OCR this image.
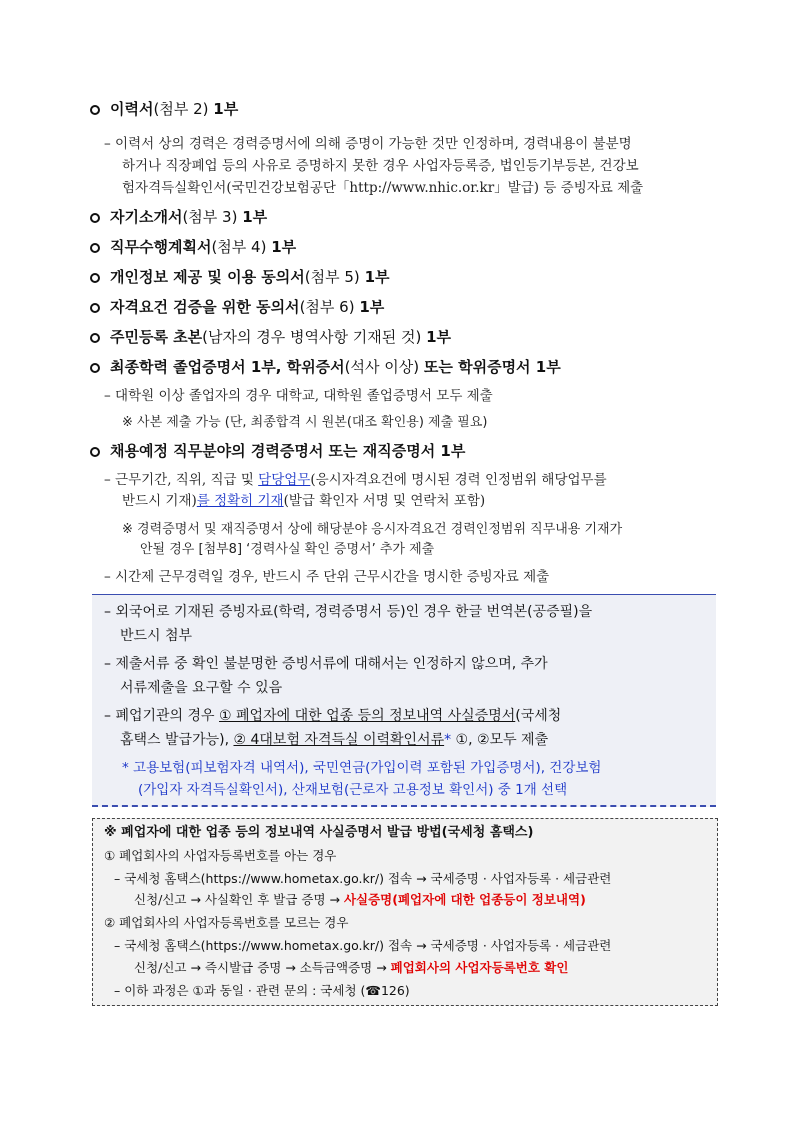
이력서(첨부 2) 1부
– 이력서 상의 경력은 경력증명서에 의해 증명이 가능한 것만 인정하며, 경력내용이 불분명
하거나 직장폐업 등의 사유로 증명하지 못한 경우 사업자등록증, 법인등기부등본, 건강보
험자격득실확인서(국민건강보험공단「http://www.nhic.or.kr」발급) 등 증빙자료 제출
자기소개서(첨부 3) 1부
직무수행계획서(첨부 4) 1부
개인정보 제공 및 이용 동의서(첨부 5) 1부
자격요건 검증을 위한 동의서(첨부 6) 1부
주민등록 초본(남자의 경우 병역사항 기재된 것) 1부
최종학력 졸업증명서 1부, 학위증서(석사 이상) 또는 학위증명서 1부
– 대학원 이상 졸업자의 경우 대학교, 대학원 졸업증명서 모두 제출
※ 사본 제출 가능 (단, 최종합격 시 원본(대조 확인용) 제출 필요)
채용예정 직무분야의 경력증명서 또는 재직증명서 1부
– 근무기간, 직위, 직급 및 담당업무(응시자격요건에 명시된 경력 인정범위 해당업무를
반드시 기재)를 정확히 기재(발급 확인자 서명 및 연락처 포함)
※ 경력증명서 및 재직증명서 상에 해당분야 응시자격요건 경력인정범위 직무내용 기재가
안될 경우 [첨부8] ‘경력사실 확인 증명서’ 추가 제출
– 시간제 근무경력일 경우, 반드시 주 단위 근무시간을 명시한 증빙자료 제출
– 외국어로 기재된 증빙자료(학력, 경력증명서 등)인 경우 한글 번역본(공증필)을
반드시 첨부
– 제출서류 중 확인 불분명한 증빙서류에 대해서는 인정하지 않으며, 추가
서류제출을 요구할 수 있음
– 폐업기관의 경우 ① 폐업자에 대한 업종 등의 정보내역 사실증명서(국세청
홈택스 발급가능), ② 4대보험 자격득실 이력확인서류* ①, ②모두 제출
* 고용보험(피보험자격 내역서), 국민연금(가입이력 포함된 가입증명서), 건강보험
(가입자 자격득실확인서), 산재보험(근로자 고용정보 확인서) 중 1개 선택
※ 폐업자에 대한 업종 등의 정보내역 사실증명서 발급 방법(국세청 홈택스)
① 폐업회사의 사업자등록번호를 아는 경우
– 국세청 홈택스(https://www.hometax.go.kr/) 접속 → 국세증명 · 사업자등록 · 세금관련
신청/신고 → 사실확인 후 발급 증명 → 사실증명(폐업자에 대한 업종등이 정보내역)
② 폐업회사의 사업자등록번호를 모르는 경우
– 국세청 홈택스(https://www.hometax.go.kr/) 접속 → 국세증명 · 사업자등록 · 세금관련
신청/신고 → 즉시발급 증명 → 소득금액증명 → 폐업회사의 사업자등록번호 확인
– 이하 과정은 ①과 동일 · 관련 문의 : 국세청 (☎126)
